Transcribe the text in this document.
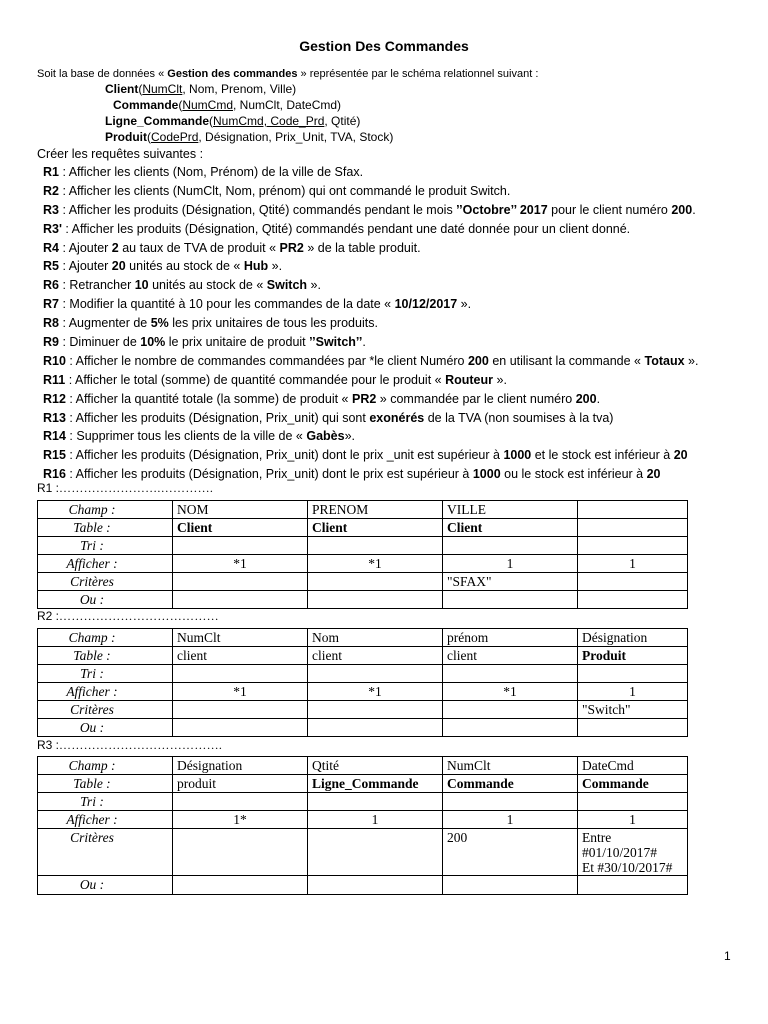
Gestion Des Commandes
Soit la base de données « Gestion des commandes » représentée par le schéma relationnel suivant :
Client(NumClt, Nom, Prenom, Ville)
Commande(NumCmd, NumClt, DateCmd)
Ligne_Commande(NumCmd, Code_Prd, Qtité)
Produit(CodePrd, Désignation, Prix_Unit, TVA, Stock)
Créer les requêtes suivantes :
R1 : Afficher les clients (Nom, Prénom) de la ville de Sfax.
R2 : Afficher les clients (NumClt, Nom, prénom) qui ont commandé le produit Switch.
R3 : Afficher les produits (Désignation, Qtité) commandés pendant le mois ’’Octobre’’ 2017 pour le client numéro 200.
R3' : Afficher les produits (Désignation, Qtité) commandés pendant une daté donnée pour un client donné.
R4 : Ajouter 2 au taux de TVA de produit « PR2 » de la table produit.
R5 : Ajouter 20 unités au stock de « Hub ».
R6 : Retrancher 10 unités au stock de « Switch ».
R7 : Modifier la quantité à 10 pour les commandes de la date « 10/12/2017 ».
R8 : Augmenter de 5% les prix unitaires de tous les produits.
R9 : Diminuer de 10% le prix unitaire de produit ’’Switch’’.
R10 : Afficher le nombre de commandes commandées par *le client Numéro 200 en utilisant la commande « Totaux ».
R11 : Afficher le total (somme) de quantité commandée pour le produit « Routeur ».
R12 : Afficher la quantité totale (la somme) de produit « PR2 » commandée par le client numéro 200.
R13 : Afficher les produits (Désignation, Prix_unit) qui sont exonérés de la TVA (non soumises à la tva)
R14 : Supprimer tous les clients de la ville de « Gabès».
R15 : Afficher les produits (Désignation, Prix_unit) dont le prix _unit est supérieur à 1000 et le stock est inférieur à 20
R16 : Afficher les produits (Désignation, Prix_unit) dont le prix est supérieur à 1000 ou le stock est inférieur à 20
R1 :…………………….………….
Champ :	NOM	PRENOM	VILLE	
Table :	Client	Client	Client	
Tri :				
Afficher :	*1	*1	1	1
Critères			"SFAX"	
Ou :				
R2 :…………………………………
Champ :	NumClt	Nom	prénom	Désignation
Table :	client	client	client	Produit
Tri :				
Afficher :	*1	*1	*1	1
Critères				"Switch"
Ou :				
R3 :………………………………….
Champ :	Désignation	Qtité	NumClt	DateCmd
Table :	produit	Ligne_Commande	Commande	Commande
Tri :				
Afficher :	1*	1	1	1
Critères			200	Entre #01/10/2017#
Et #30/10/2017#
Ou :				
1
